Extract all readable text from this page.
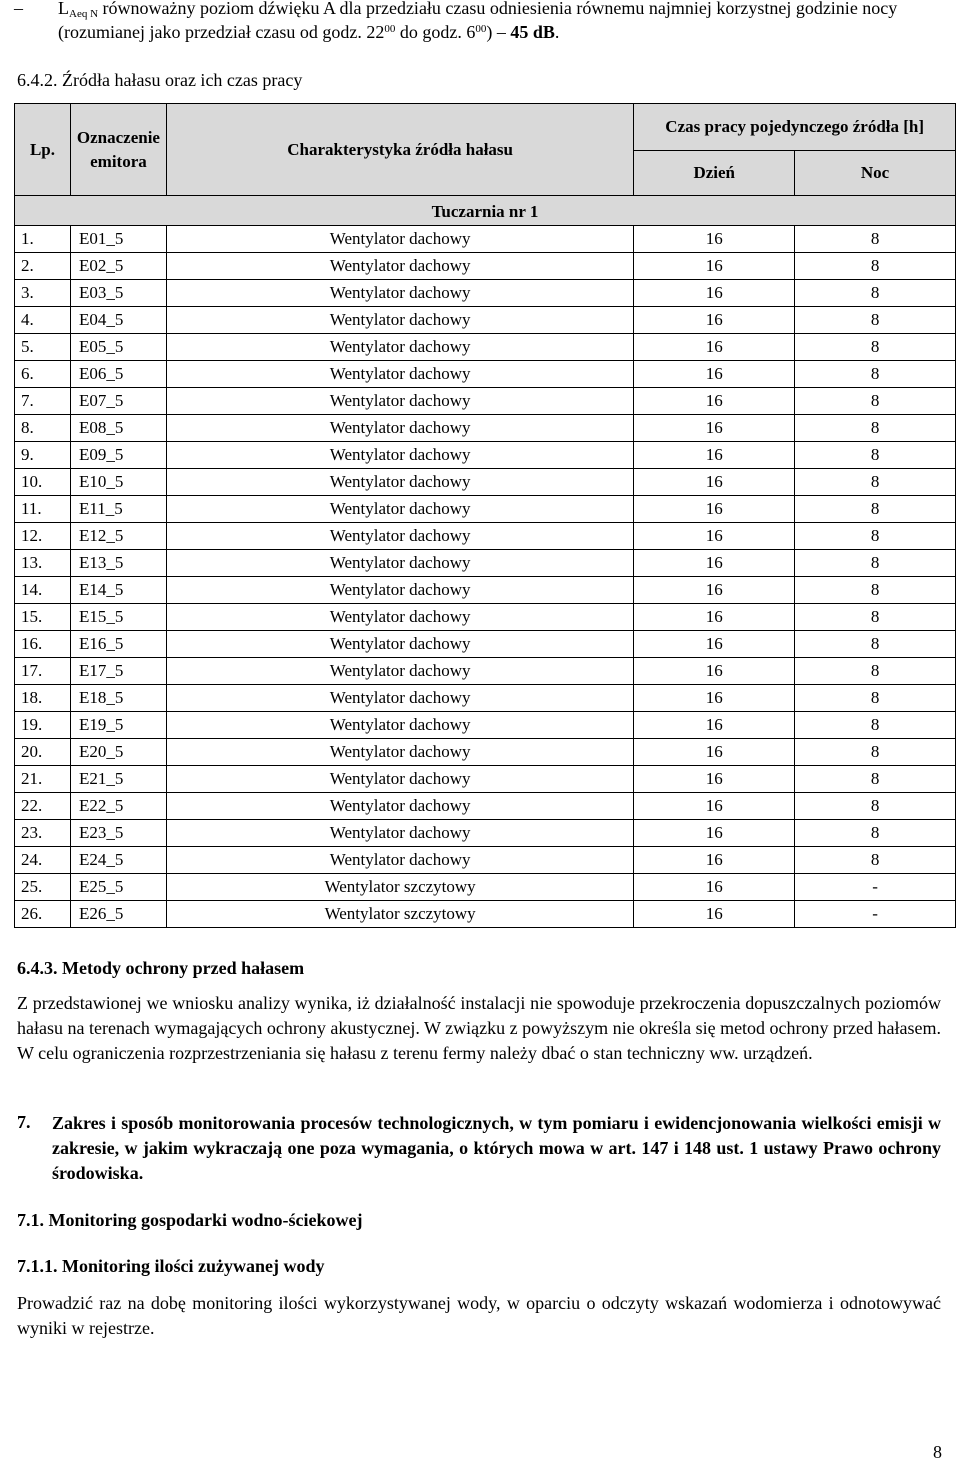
– $L_{Aeq N}$ równoważny poziom dźwięku A dla przedziału czasu odniesienia równemu najmniej korzystnej godzinie nocy (rozumianej jako przedział czasu od godz. $22^{00}$ do godz. $6^{00}) - 45$ dB.
6.4.2. Źródła hałasu oraz ich czas pracy
Lp.	Oznaczenie emitora	Charakterystyka źródła hałasu	Czas pracy pojedynczego źródła [h]	
			Dzień	Noc
Tuczarnia nr 1				
1.	E01_5	Wentylator dachowy	16	8
2.	E02_5	Wentylator dachowy	16	8
3.	E03_5	Wentylator dachowy	16	8
4.	E04_5	Wentylator dachowy	16	8
5.	E05_5	Wentylator dachowy	16	8
6.	E06_5	Wentylator dachowy	16	8
7.	E07_5	Wentylator dachowy	16	8
8.	E08_5	Wentylator dachowy	16	8
9.	E09_5	Wentylator dachowy	16	8
10.	E10_5	Wentylator dachowy	16	8
11.	E11_5	Wentylator dachowy	16	8
12.	E12_5	Wentylator dachowy	16	8
13.	E13_5	Wentylator dachowy	16	8
14.	E14_5	Wentylator dachowy	16	8
15.	E15_5	Wentylator dachowy	16	8
16.	E16_5	Wentylator dachowy	16	8
17.	E17_5	Wentylator dachowy	16	8
18.	E18_5	Wentylator dachowy	16	8
19.	E19_5	Wentylator dachowy	16	8
20.	E20_5	Wentylator dachowy	16	8
21.	E21_5	Wentylator dachowy	16	8
22.	E22_5	Wentylator dachowy	16	8
23.	E23_5	Wentylator dachowy	16	8
24.	E24_5	Wentylator dachowy	16	8
25.	E25_5	Wentylator szczytowy	16	-
26.	E26_5	Wentylator szczytowy	16	-
6.4.3. Metody ochrony przed hałasem
Z przedstawionej we wniosku analizy wynika, iż działalność instalacji nie spowoduje przekroczenia dopuszczalnych poziomów hałasu na terenach wymagających ochrony akustycznej. W związku z powyższym nie określa się metod ochrony przed hałasem. W celu ograniczenia rozprzestrzeniania się hałasu z terenu fermy należy dbać o stan techniczny ww. urządzeń.
7. Zakres i sposób monitorowania procesów technologicznych, w tym pomiaru i ewidencjonowania wielkości emisji w zakresie, w jakim wykraczają one poza wymagania, o których mowa w art. 147 i 148 ust. 1 ustawy Prawo ochrony środowiska.
7.1. Monitoring gospodarki wodno-ściekowej
7.1.1. Monitoring ilości zużywanej wody
Prowadzić raz na dobę monitoring ilości wykorzystywanej wody, w oparciu o odczyty wskazań wodomierza i odnotowywać wyniki w rejestrze.
8
